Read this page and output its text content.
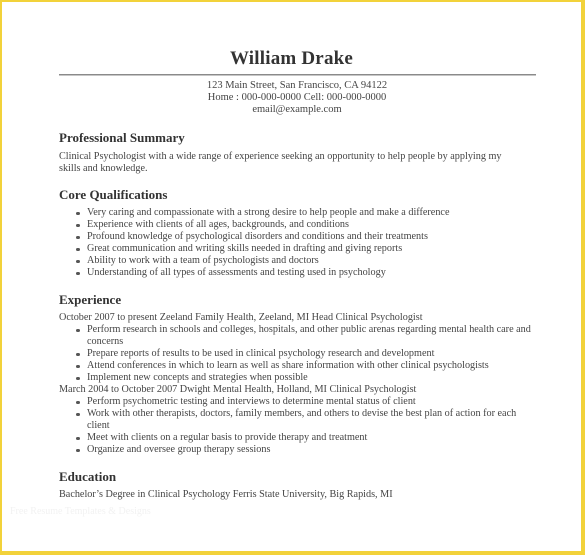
William Drake
123 Main Street, San Francisco, CA 94122
Home : 000-000-0000 Cell: 000-000-0000
email@example.com
Professional Summary
Clinical Psychologist with a wide range of experience seeking an opportunity to help people by applying my
skills and knowledge.
Core Qualifications
Very caring and compassionate with a strong desire to help people and make a difference
Experience with clients of all ages, backgrounds, and conditions
Profound knowledge of psychological disorders and conditions and their treatments
Great communication and writing skills needed in drafting and giving reports
Ability to work with a team of psychologists and doctors
Understanding of all types of assessments and testing used in psychology
Experience
October 2007 to present Zeeland Family Health, Zeeland, MI Head Clinical Psychologist
Perform research in schools and colleges, hospitals, and other public arenas regarding mental health care and concerns
Prepare reports of results to be used in clinical psychology research and development
Attend conferences in which to learn as well as share information with other clinical psychologists
Implement new concepts and strategies when possible
March 2004 to October 2007 Dwight Mental Health, Holland, MI Clinical Psychologist
Perform psychometric testing and interviews to determine mental status of client
Work with other therapists, doctors, family members, and others to devise the best plan of action for each client
Meet with clients on a regular basis to provide therapy and treatment
Organize and oversee group therapy sessions
Education
Bachelor’s Degree in Clinical Psychology Ferris State University, Big Rapids, MI
Free Resume Templates & Designs
